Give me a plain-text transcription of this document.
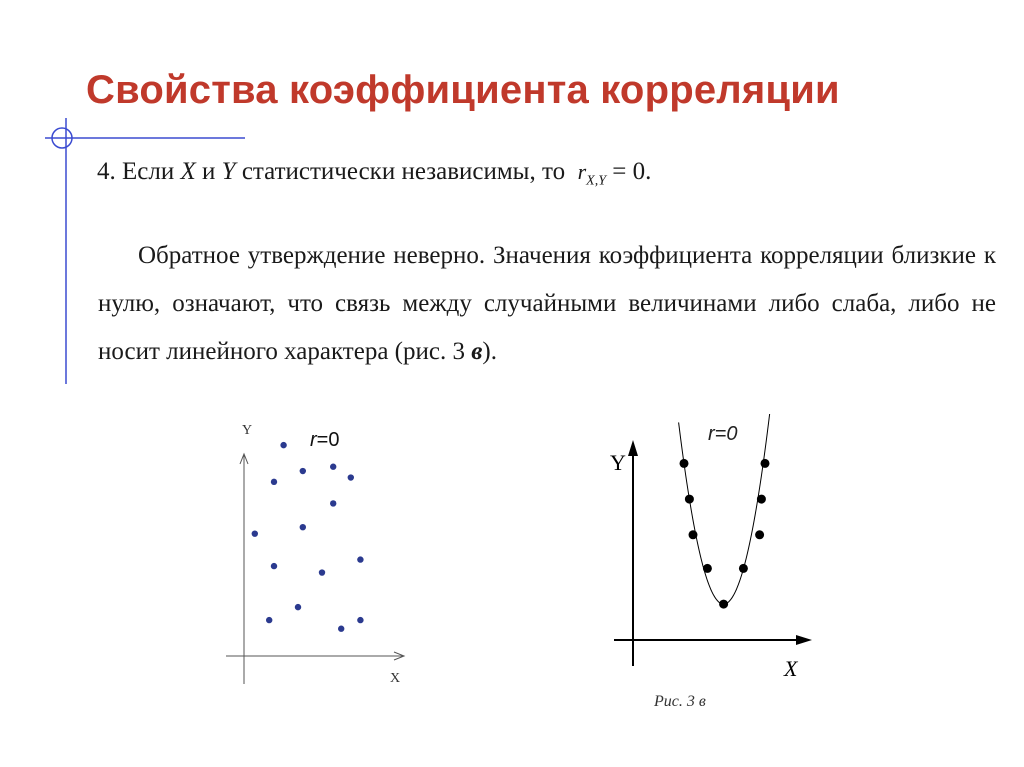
Свойства коэффициента корреляции
4. Если X и Y статистически независимы, то $r_{X,Y} = 0$.
Обратное утверждение неверно. Значения коэффициента корреляции близкие к нулю, означают, что связь между случайными величинами либо слаба, либо не носит линейного характера (рис. 3 в).
Y
X
r=0
Y
X
r=0
Рис. 3 в
